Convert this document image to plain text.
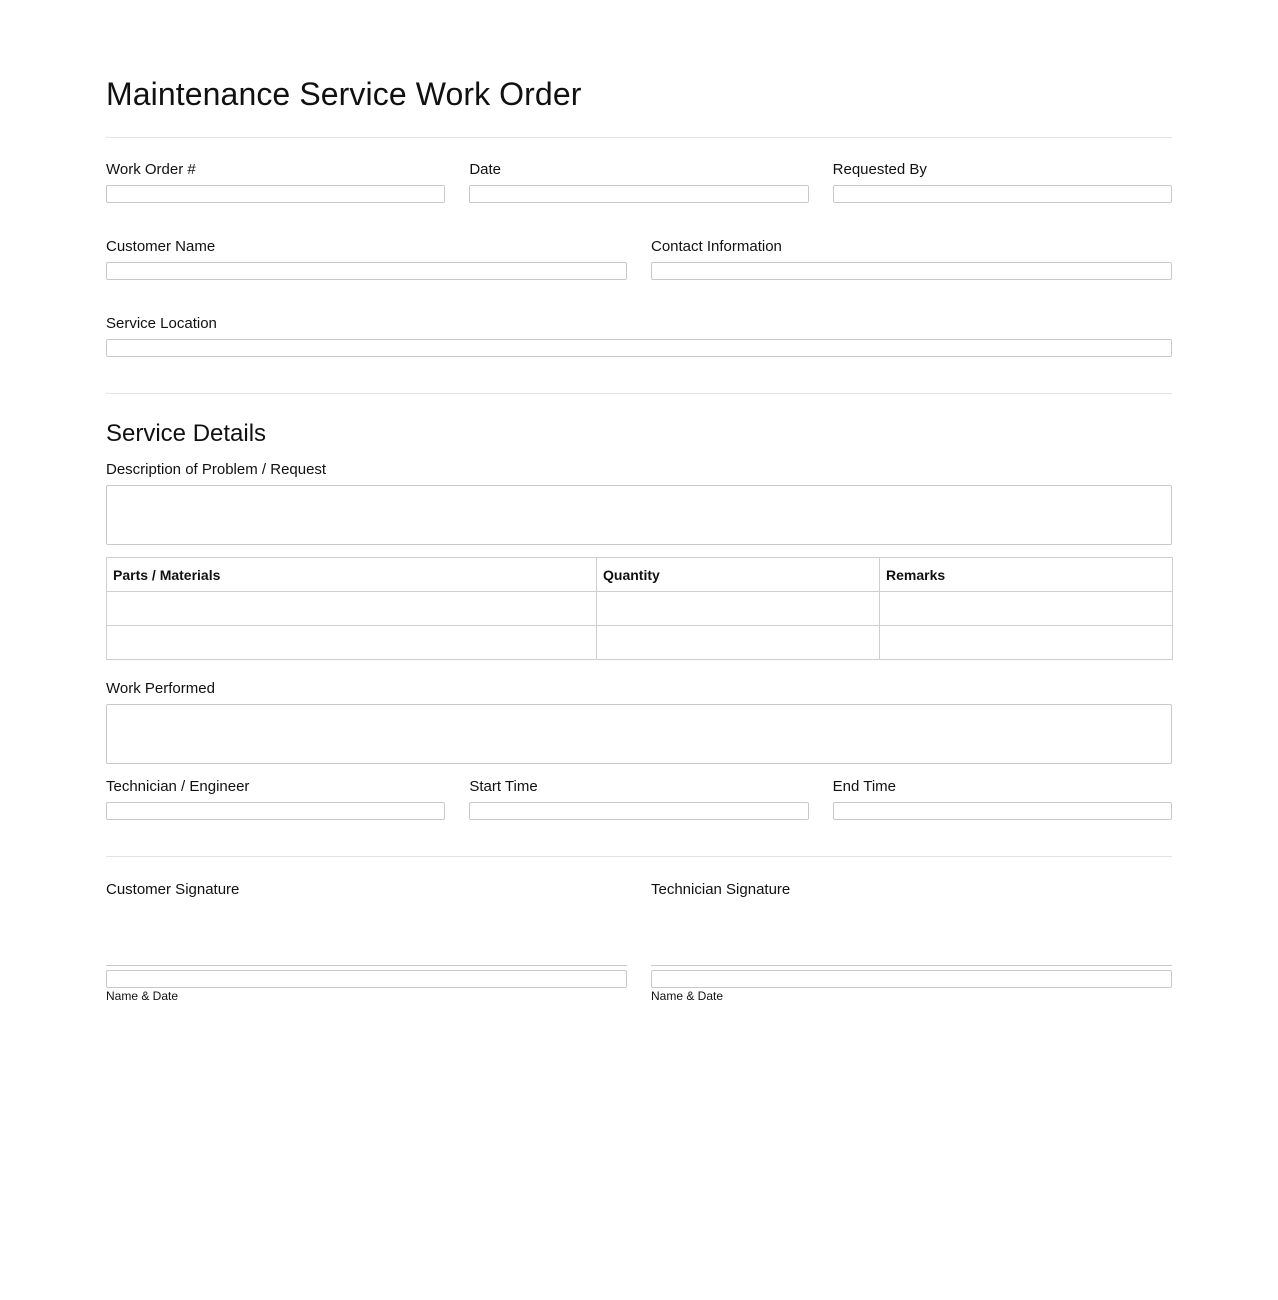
Maintenance Service Work Order
Work Order #	Date	Requested By
Customer Name	Contact Information
Service Location
Service Details
Description of Problem / Request
Parts / Materials	Quantity	Remarks

Work Performed
Technician / Engineer	Start Time	End Time
Customer Signature
Name & Date
Technician Signature
Name & Date
